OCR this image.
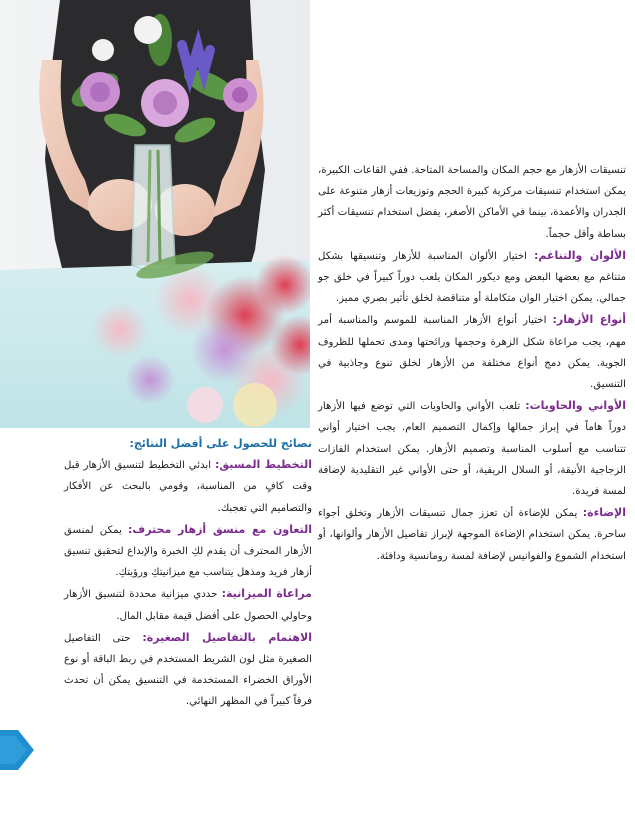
تنسيقات الأزهار مع حجم المكان والمساحة المتاحة. ففي القاعات الكبيرة، يمكن استخدام تنسيقات مركزية كبيرة الحجم وتوزيعات أزهار متنوعة على الجدران والأعمدة، بينما في الأماكن الأصغر، يفضل استخدام تنسيقات أكثر بساطة وأقل حجماً.

الألوان والتناغم: اختيار الألوان المناسبة للأزهار وتنسيقها بشكل متناغم مع بعضها البعض ومع ديكور المكان يلعب دوراً كبيراً في خلق جو جمالي. يمكن اختيار الوان متكاملة أو متناقضة لخلق تأثير بصري مميز.

أنواع الأزهار: اختيار أنواع الأزهار المناسبة للموسم والمناسبة أمر مهم، يجب مراعاة شكل الزهرة وحجمها ورائحتها ومدى تحملها للظروف الجوية. يمكن دمج أنواع مختلفة من الأزهار لخلق تنوع وجاذبية في التنسيق.

الأواني والحاويات: تلعب الأواني والحاويات التي توضع فيها الأزهار دوراً هاماً في إبراز جمالها وإكمال التصميم العام. يجب اختيار أواني تتناسب مع أسلوب المناسبة وتصميم الأزهار. يمكن استخدام الفازات الزجاجية الأنيقة، أو السلال الريفية، أو حتى الأواني غير التقليدية لإضافة لمسة فريدة.

الإضاءة: يمكن للإضاءة أن تعزز جمال تنسيقات الأزهار وتخلق أجواء ساحرة. يمكن استخدام الإضاءة الموجهة لإبراز تفاصيل الأزهار وألوانها، أو استخدام الشموع والفوانيس لإضافة لمسة رومانسية ودافئة.

نصائح للحصول على أفضل النتائج:

التخطيط المسبق: ابدئي التخطيط لتنسيق الأزهار قبل وقت كافٍ من المناسبة، وقومي بالبحث عن الأفكار والتصاميم التي تعجبك.

التعاون مع منسق أزهار محترف: يمكن لمنسق الأزهار المحترف أن يقدم لكِ الخبرة والإبداع لتحقيق تنسيق أزهار فريد ومذهل يتناسب مع ميزانيتكِ ورؤيتكِ.

مراعاة الميزانية: حددي ميزانية محددة لتنسيق الأزهار وحاولي الحصول على أفضل قيمة مقابل المال.

الاهتمام بالتفاصيل الصغيرة: حتى التفاصيل الصغيرة مثل لون الشريط المستخدم في ربط الباقة أو نوع الأوراق الخضراء المستخدمة في التنسيق يمكن أن تحدث فرقاً كبيراً في المظهر النهائي.
